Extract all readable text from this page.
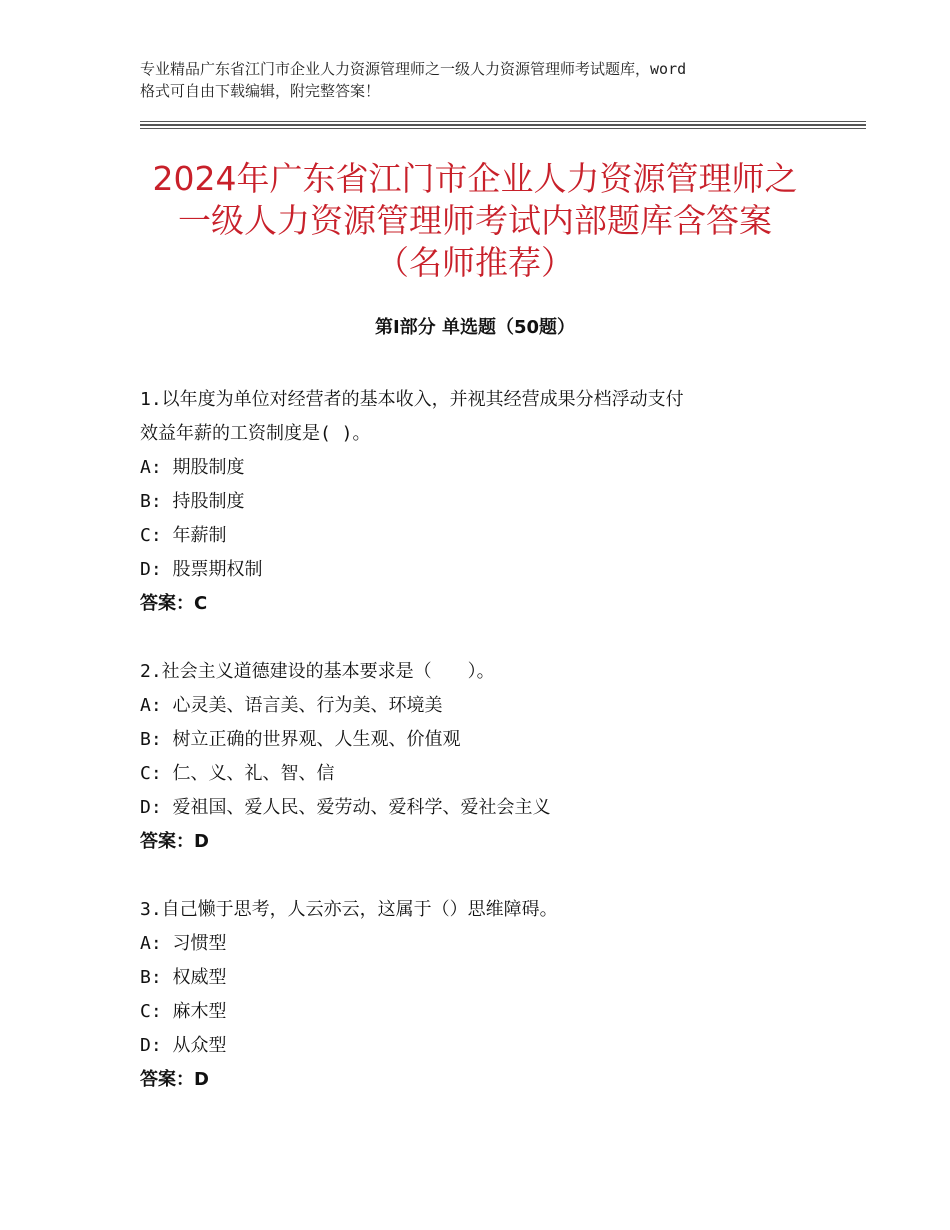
专业精品广东省江门市企业人力资源管理师之一级人力资源管理师考试题库，word
格式可自由下载编辑，附完整答案！
2024年广东省江门市企业人力资源管理师之
一级人力资源管理师考试内部题库含答案
（名师推荐）
第Ⅰ部分 单选题（50题）
1.以年度为单位对经营者的基本收入，并视其经营成果分档浮动支付
效益年薪的工资制度是( )。
A: 期股制度
B: 持股制度
C: 年薪制
D: 股票期权制
答案：C
2.社会主义道德建设的基本要求是（　　）。
A: 心灵美、语言美、行为美、环境美
B: 树立正确的世界观、人生观、价值观
C: 仁、义、礼、智、信
D: 爱祖国、爱人民、爱劳动、爱科学、爱社会主义
答案：D
3.自己懒于思考，人云亦云，这属于（）思维障碍。
A: 习惯型
B: 权威型
C: 麻木型
D: 从众型
答案：D
